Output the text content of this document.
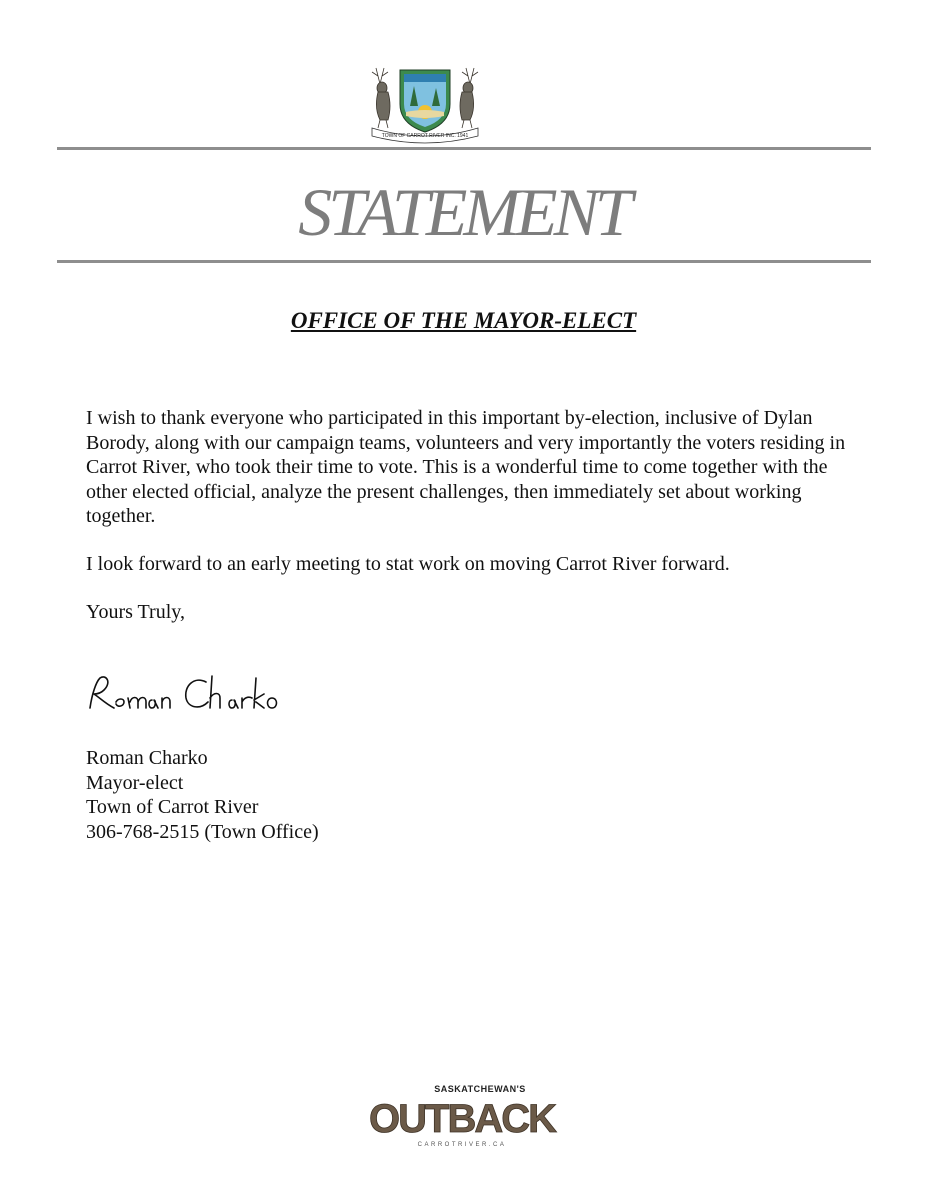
TOWN OF CARROT RIVER INC. 1941
STATEMENT
OFFICE OF THE MAYOR-ELECT

I wish to thank everyone who participated in this important by-election, inclusive of Dylan Borody, along with our campaign teams, volunteers and very importantly the voters residing in Carrot River, who took their time to vote. This is a wonderful time to come together with the other elected official, analyze the present challenges, then immediately set about working together.

I look forward to an early meeting to stat work on moving Carrot River forward.

Yours Truly,

Roman Charko
Mayor-elect
Town of Carrot River
306-768-2515 (Town Office)
SASKATCHEWAN'S
OUTBACK
CARROTRIVER.CA
